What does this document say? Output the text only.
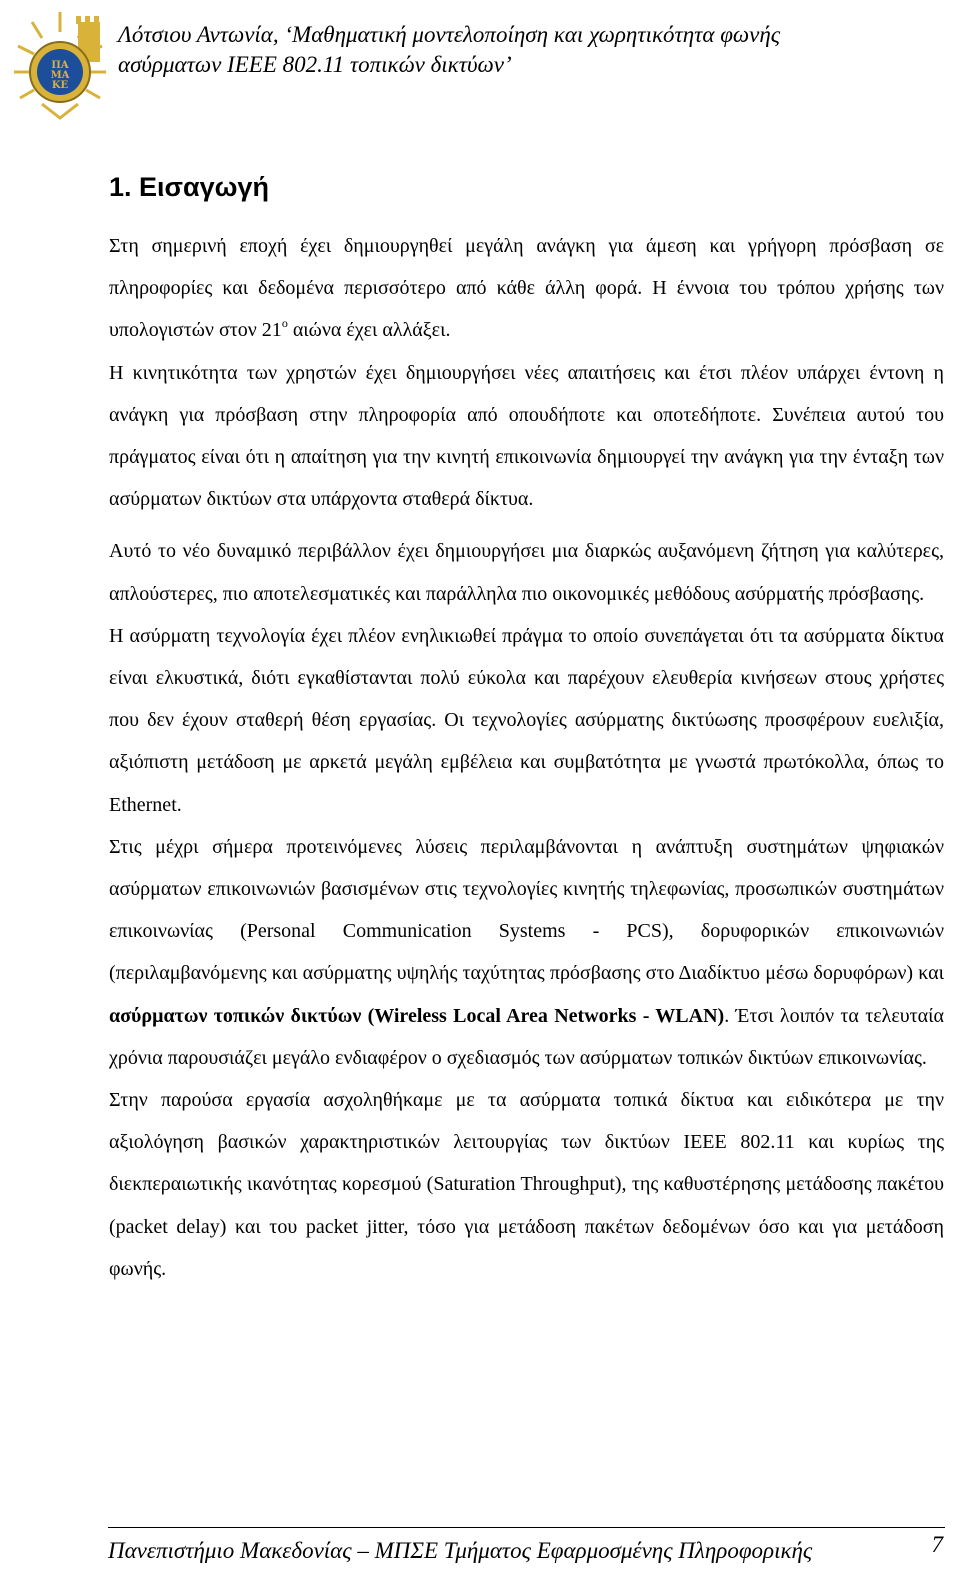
ΠΑ
ΜΑ
ΚΕ
Λότσιου Αντωνία, ‘Μαθηματική μοντελοποίηση και χωρητικότητα φωνής
ασύρματων ΙΕΕΕ 802.11 τοπικών δικτύων’
1. Εισαγωγή

Στη σημερινή εποχή έχει δημιουργηθεί μεγάλη ανάγκη για άμεση και γρήγορη πρόσβαση σε πληροφορίες και δεδομένα περισσότερο από κάθε άλλη φορά. Η έννοια του τρόπου χρήσης των υπολογιστών στον $21^o$ αιώνα έχει αλλάξει.

Η κινητικότητα των χρηστών έχει δημιουργήσει νέες απαιτήσεις και έτσι πλέον υπάρχει έντονη η ανάγκη για πρόσβαση στην πληροφορία από οπουδήποτε και οποτεδήποτε. Συνέπεια αυτού του πράγματος είναι ότι η απαίτηση για την κινητή επικοινωνία δημιουργεί την ανάγκη για την ένταξη των ασύρματων δικτύων στα υπάρχοντα σταθερά δίκτυα.

Αυτό το νέο δυναμικό περιβάλλον έχει δημιουργήσει μια διαρκώς αυξανόμενη ζήτηση για καλύτερες, απλούστερες, πιο αποτελεσματικές και παράλληλα πιο οικονομικές μεθόδους ασύρματής πρόσβασης.

Η ασύρματη τεχνολογία έχει πλέον ενηλικιωθεί πράγμα το οποίο συνεπάγεται ότι τα ασύρματα δίκτυα είναι ελκυστικά, διότι εγκαθίστανται πολύ εύκολα και παρέχουν ελευθερία κινήσεων στους χρήστες που δεν έχουν σταθερή θέση εργασίας. Οι τεχνολογίες ασύρματης δικτύωσης προσφέρουν ευελιξία, αξιόπιστη μετάδοση με αρκετά μεγάλη εμβέλεια και συμβατότητα με γνωστά πρωτόκολλα, όπως το Ethernet.

Στις μέχρι σήμερα προτεινόμενες λύσεις περιλαμβάνονται η ανάπτυξη συστημάτων ψηφιακών ασύρματων επικοινωνιών βασισμένων στις τεχνολογίες κινητής τηλεφωνίας, προσωπικών συστημάτων επικοινωνίας (Personal Communication Systems - PCS), δορυφορικών επικοινωνιών (περιλαμβανόμενης και ασύρματης υψηλής ταχύτητας πρόσβασης στο Διαδίκτυο μέσω δορυφόρων) και ασύρματων τοπικών δικτύων (Wireless Local Area Networks - WLAN). Έτσι λοιπόν τα τελευταία χρόνια παρουσιάζει μεγάλο ενδιαφέρον ο σχεδιασμός των ασύρματων τοπικών δικτύων επικοινωνίας.

Στην παρούσα εργασία ασχοληθήκαμε με τα ασύρματα τοπικά δίκτυα και ειδικότερα με την αξιολόγηση βασικών χαρακτηριστικών λειτουργίας των δικτύων IEEE 802.11 και κυρίως της διεκπεραιωτικής ικανότητας κορεσμού (Saturation Throughput), της καθυστέρησης μετάδοσης πακέτου (packet delay) και του packet jitter, τόσο για μετάδοση πακέτων δεδομένων όσο και για μετάδοση φωνής.

Πανεπιστήμιο Μακεδονίας – ΜΠΣΕ Τμήματος Εφαρμοσμένης Πληροφορικής	7
